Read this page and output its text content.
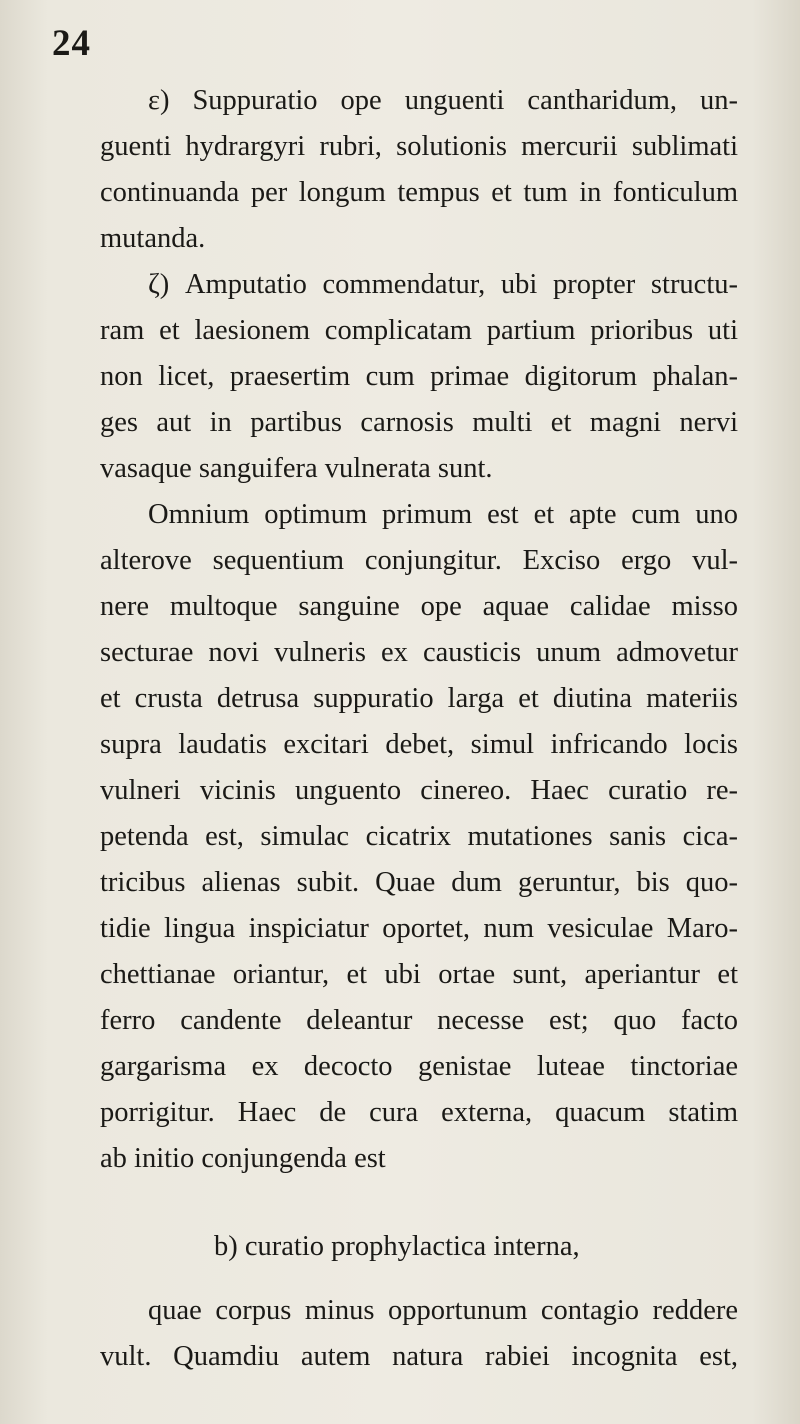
24
ε) Suppuratio ope unguenti cantharidum, un-
guenti hydrargyri rubri, solutionis mercurii sublimati
continuanda per longum tempus et tum in fonticulum
mutanda.
ζ) Amputatio commendatur, ubi propter structu-
ram et laesionem complicatam partium prioribus uti
non licet, praesertim cum primae digitorum phalan-
ges aut in partibus carnosis multi et magni nervi
vasaque sanguifera vulnerata sunt.
Omnium optimum primum est et apte cum uno
alterove sequentium conjungitur. Exciso ergo vul-
nere multoque sanguine ope aquae calidae misso
secturae novi vulneris ex causticis unum admovetur
et crusta detrusa suppuratio larga et diutina materiis
supra laudatis excitari debet, simul infricando locis
vulneri vicinis unguento cinereo. Haec curatio re-
petenda est, simulac cicatrix mutationes sanis cica-
tricibus alienas subit. Quae dum geruntur, bis quo-
tidie lingua inspiciatur oportet, num vesiculae Maro-
chettianae oriantur, et ubi ortae sunt, aperiantur et
ferro candente deleantur necesse est; quo facto
gargarisma ex decocto genistae luteae tinctoriae
porrigitur. Haec de cura externa, quacum statim
ab initio conjungenda est
b) curatio prophylactica interna,
quae corpus minus opportunum contagio reddere
vult. Quamdiu autem natura rabiei incognita est,
